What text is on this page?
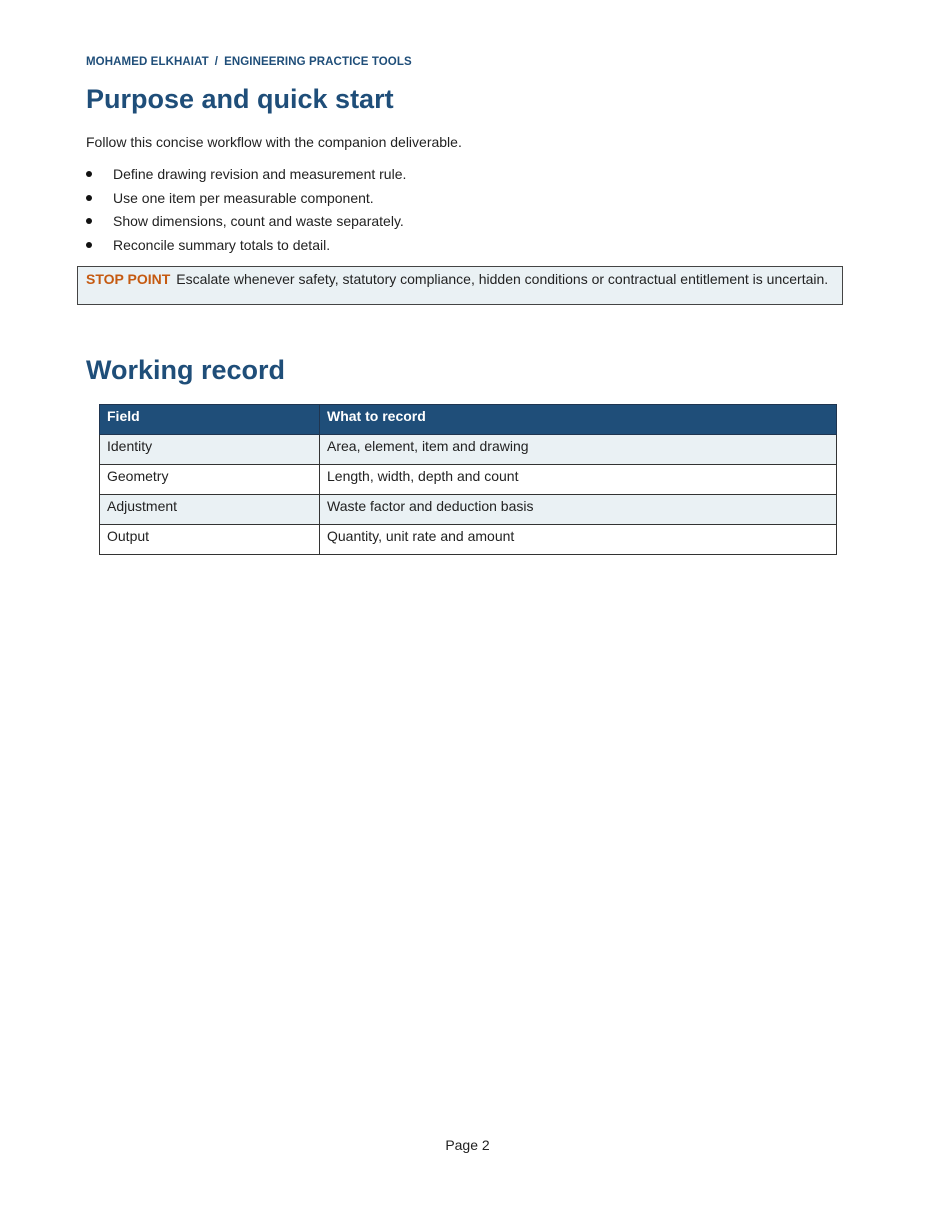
MOHAMED ELKHAIAT / ENGINEERING PRACTICE TOOLS
Purpose and quick start

Follow this concise workflow with the companion deliverable.

Define drawing revision and measurement rule.
Use one item per measurable component.
Show dimensions, count and waste separately.
Reconcile summary totals to detail.
STOP POINT Escalate whenever safety, statutory compliance, hidden conditions or contractual entitlement is uncertain.
Working record
Field	What to record
Identity	Area, element, item and drawing
Geometry	Length, width, depth and count
Adjustment	Waste factor and deduction basis
Output	Quantity, unit rate and amount
Page 2
